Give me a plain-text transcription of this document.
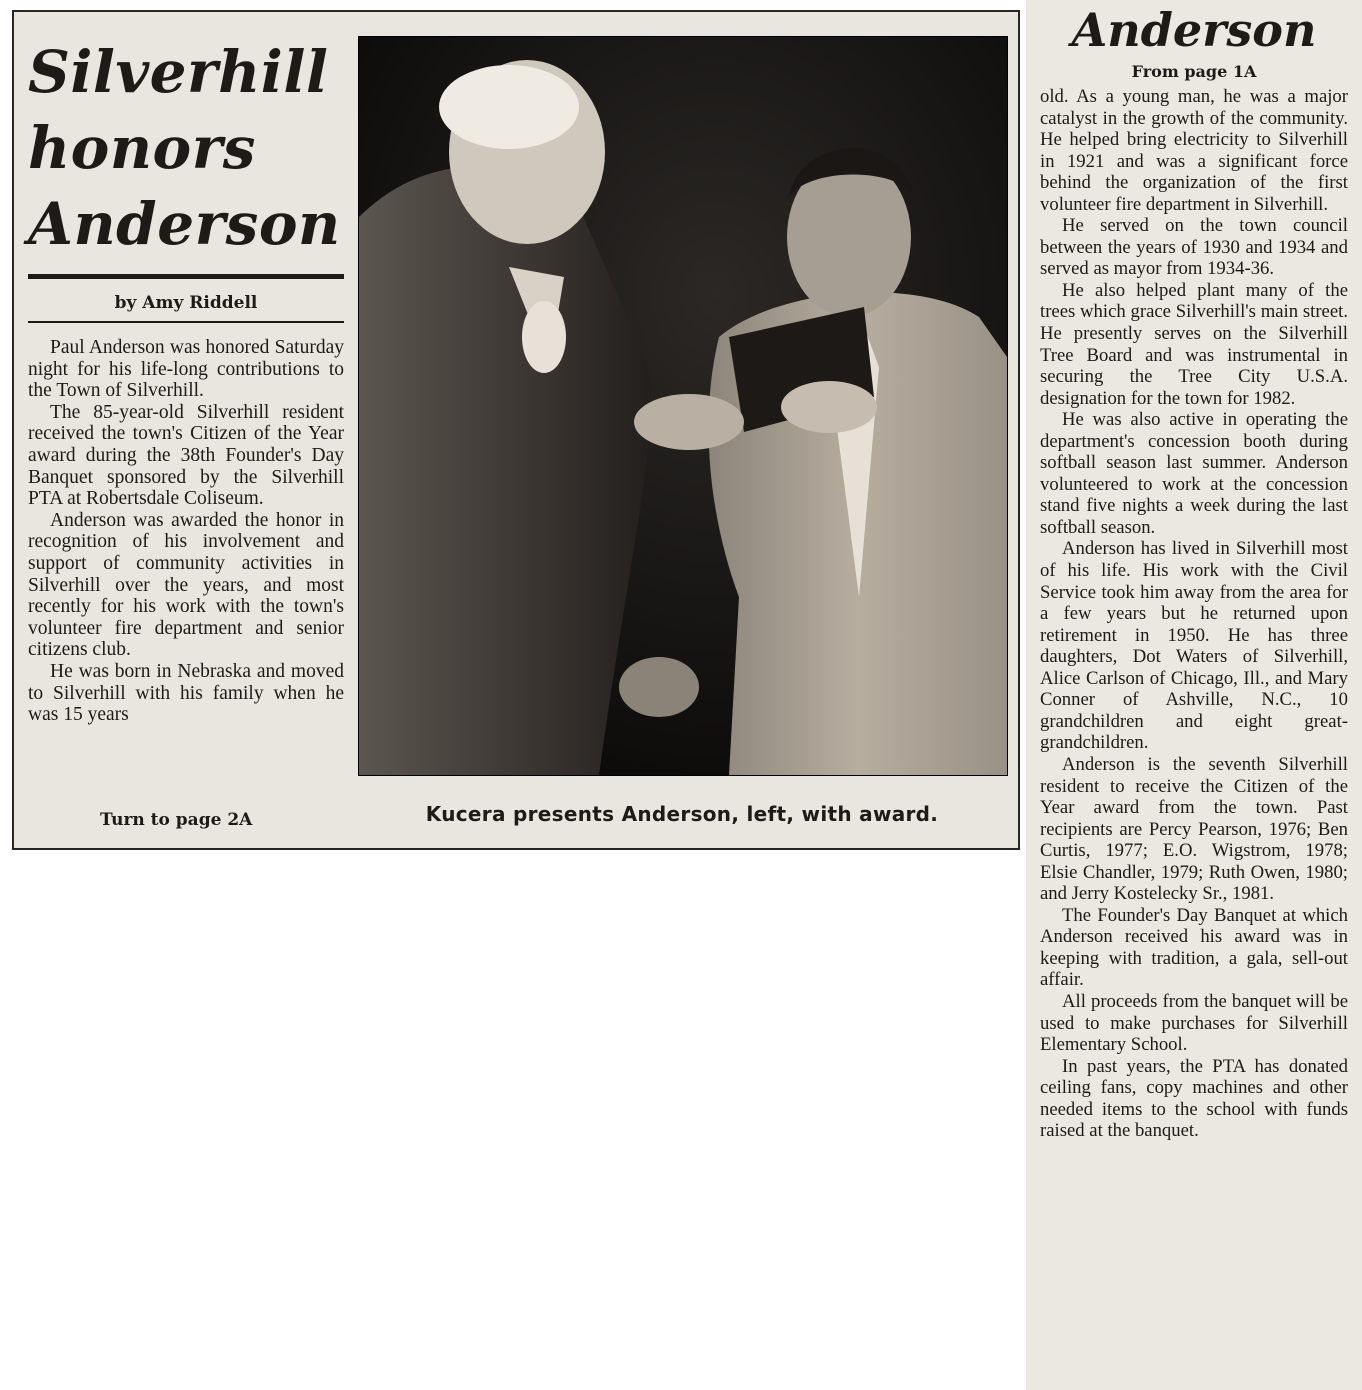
Silverhill
honors
Anderson
by Amy Riddell

Paul Anderson was honored Saturday night for his life-long contributions to the Town of Silverhill.

The 85-year-old Silverhill resident received the town's Citizen of the Year award during the 38th Founder's Day Banquet sponsored by the Silverhill PTA at Robertsdale Coliseum.

Anderson was awarded the honor in recognition of his involvement and support of community activities in Silverhill over the years, and most recently for his work with the town's volunteer fire department and senior citizens club.

He was born in Nebraska and moved to Silverhill with his family when he was 15 years

Turn to page 2A	Kucera presents Anderson, left, with award.
Anderson
From page 1A

old. As a young man, he was a major catalyst in the growth of the community. He helped bring electricity to Silverhill in 1921 and was a significant force behind the organization of the first volunteer fire department in Silverhill.

He served on the town council between the years of 1930 and 1934 and served as mayor from 1934-36.

He also helped plant many of the trees which grace Silverhill's main street. He presently serves on the Silverhill Tree Board and was instrumental in securing the Tree City U.S.A. designation for the town for 1982.

He was also active in operating the department's concession booth during softball season last summer. Anderson volunteered to work at the concession stand five nights a week during the last softball season.

Anderson has lived in Silverhill most of his life. His work with the Civil Service took him away from the area for a few years but he returned upon retirement in 1950. He has three daughters, Dot Waters of Silverhill, Alice Carlson of Chicago, Ill., and Mary Conner of Ashville, N.C., 10 grandchildren and eight great-grandchildren.

Anderson is the seventh Silverhill resident to receive the Citizen of the Year award from the town. Past recipients are Percy Pearson, 1976; Ben Curtis, 1977; E.O. Wigstrom, 1978; Elsie Chandler, 1979; Ruth Owen, 1980; and Jerry Kostelecky Sr., 1981.

The Founder's Day Banquet at which Anderson received his award was in keeping with tradition, a gala, sell-out affair.

All proceeds from the banquet will be used to make purchases for Silverhill Elementary School.

In past years, the PTA has donated ceiling fans, copy machines and other needed items to the school with funds raised at the banquet.
